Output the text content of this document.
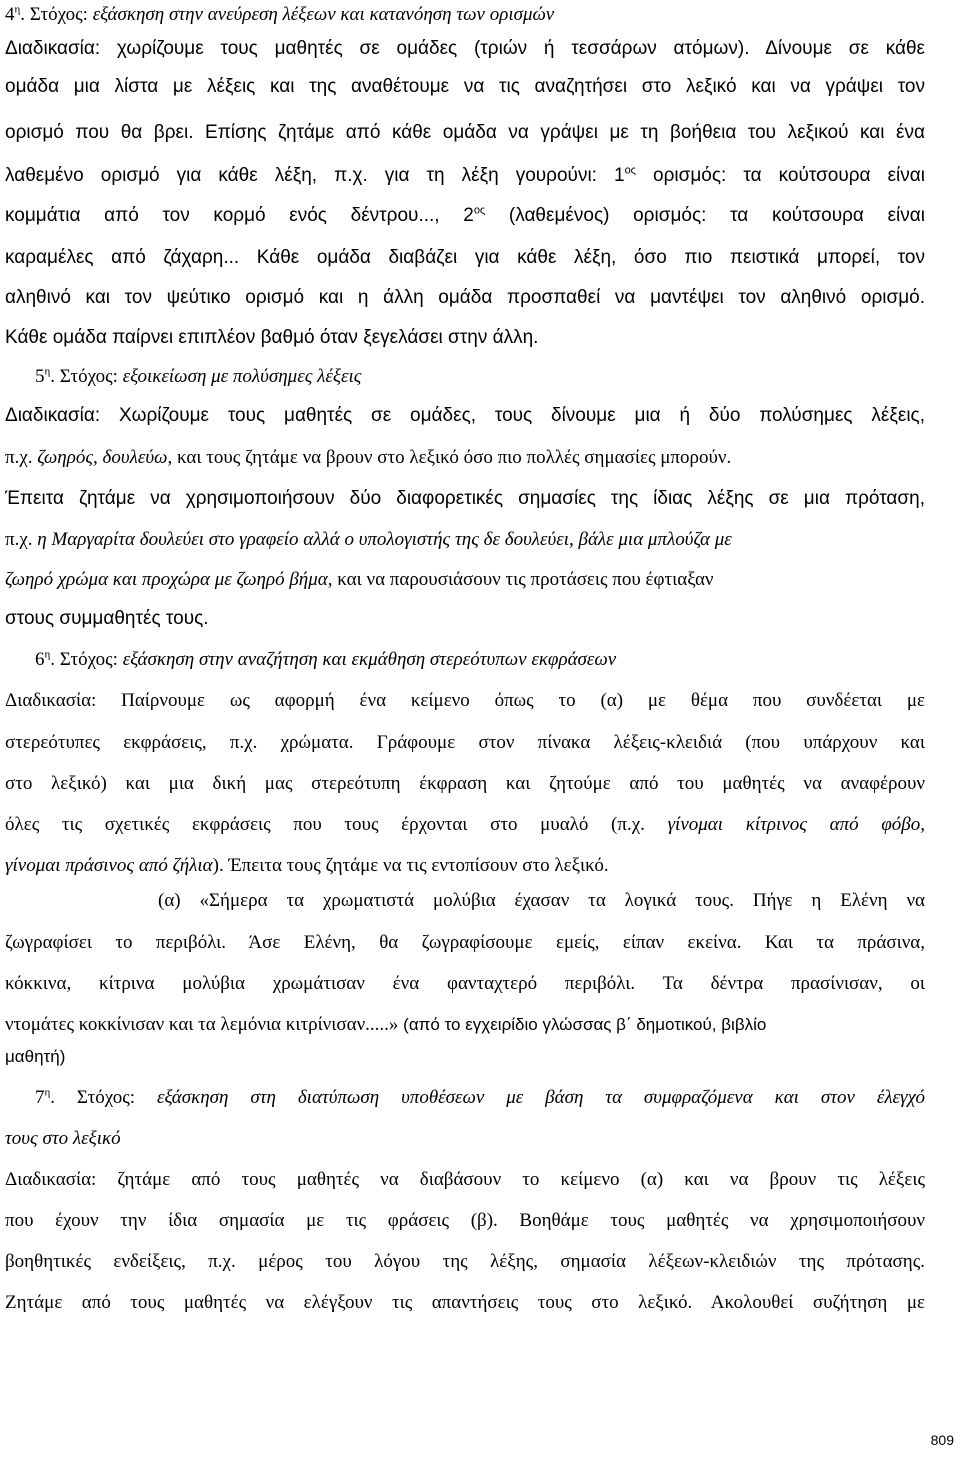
$4^\eta$. Στόχος: εξάσκηση στην ανεύρεση λέξεων και κατανόηση των ορισμών
Διαδικασία: χωρίζουμε τους μαθητές σε ομάδες (τριών ή τεσσάρων ατόμων). Δίνουμε σε κάθε
ομάδα μια λίστα με λέξεις και της αναθέτουμε να τις αναζητήσει στο λεξικό και να γράψει τον
ορισμό που θα βρει. Επίσης ζητάμε από κάθε ομάδα να γράψει με τη βοήθεια του λεξικού και ένα
λαθεμένο ορισμό για κάθε λέξη, π.χ. για τη λέξη γουρούνι: $1^{o\varsigma}$ ορισμός: τα κούτσουρα είναι
κομμάτια από τον κορμό ενός δέντρου..., $2^{o\varsigma}$ (λαθεμένος) ορισμός: τα κούτσουρα είναι
καραμέλες από ζάχαρη... Κάθε ομάδα διαβάζει για κάθε λέξη, όσο πιο πειστικά μπορεί, τον
αληθινό και τον ψεύτικο ορισμό και η άλλη ομάδα προσπαθεί να μαντέψει τον αληθινό ορισμό.
Κάθε ομάδα παίρνει επιπλέον βαθμό όταν ξεγελάσει στην άλλη.
$5^\eta$. Στόχος: εξοικείωση με πολύσημες λέξεις
Διαδικασία: Χωρίζουμε τους μαθητές σε ομάδες, τους δίνουμε μια ή δύο πολύσημες λέξεις,
π.χ. ζωηρός, δουλεύω, και τους ζητάμε να βρουν στο λεξικό όσο πιο πολλές σημασίες μπορούν.
Έπειτα ζητάμε να χρησιμοποιήσουν δύο διαφορετικές σημασίες της ίδιας λέξης σε μια πρόταση,
π.χ. η Μαργαρίτα δουλεύει στο γραφείο αλλά ο υπολογιστής της δε δουλεύει, βάλε μια μπλούζα με
ζωηρό χρώμα και προχώρα με ζωηρό βήμα, και να παρουσιάσουν τις προτάσεις που έφτιαξαν
στους συμμαθητές τους.
$6^\eta$. Στόχος: εξάσκηση στην αναζήτηση και εκμάθηση στερεότυπων εκφράσεων
Διαδικασία: Παίρνουμε ως αφορμή ένα κείμενο όπως το (α) με θέμα που συνδέεται με
στερεότυπες εκφράσεις, π.χ. χρώματα. Γράφουμε στον πίνακα λέξεις-κλειδιά (που υπάρχουν και
στο λεξικό) και μια δική μας στερεότυπη έκφραση και ζητούμε από του μαθητές να αναφέρουν
όλες τις σχετικές εκφράσεις που τους έρχονται στο μυαλό (π.χ. γίνομαι κίτρινος από φόβο,
γίνομαι πράσινος από ζήλια). Έπειτα τους ζητάμε να τις εντοπίσουν στο λεξικό.
(α) «Σήμερα τα χρωματιστά μολύβια έχασαν τα λογικά τους. Πήγε η Ελένη να
ζωγραφίσει το περιβόλι. Άσε Ελένη, θα ζωγραφίσουμε εμείς, είπαν εκείνα. Και τα πράσινα,
κόκκινα, κίτρινα μολύβια χρωμάτισαν ένα φανταχτερό περιβόλι. Τα δέντρα πρασίνισαν, οι
ντομάτες κοκκίνισαν και τα λεμόνια κιτρίνισαν.....» (από το εγχειρίδιο γλώσσας β΄ δημοτικού, βιβλίο
μαθητή)
$7^\eta$. Στόχος: εξάσκηση στη διατύπωση υποθέσεων με βάση τα συμφραζόμενα και στον έλεγχό
τους στο λεξικό
Διαδικασία: ζητάμε από τους μαθητές να διαβάσουν το κείμενο (α) και να βρουν τις λέξεις
που έχουν την ίδια σημασία με τις φράσεις (β). Βοηθάμε τους μαθητές να χρησιμοποιήσουν
βοηθητικές ενδείξεις, π.χ. μέρος του λόγου της λέξης, σημασία λέξεων-κλειδιών της πρότασης.
Ζητάμε από τους μαθητές να ελέγξουν τις απαντήσεις τους στο λεξικό. Ακολουθεί συζήτηση με
809
